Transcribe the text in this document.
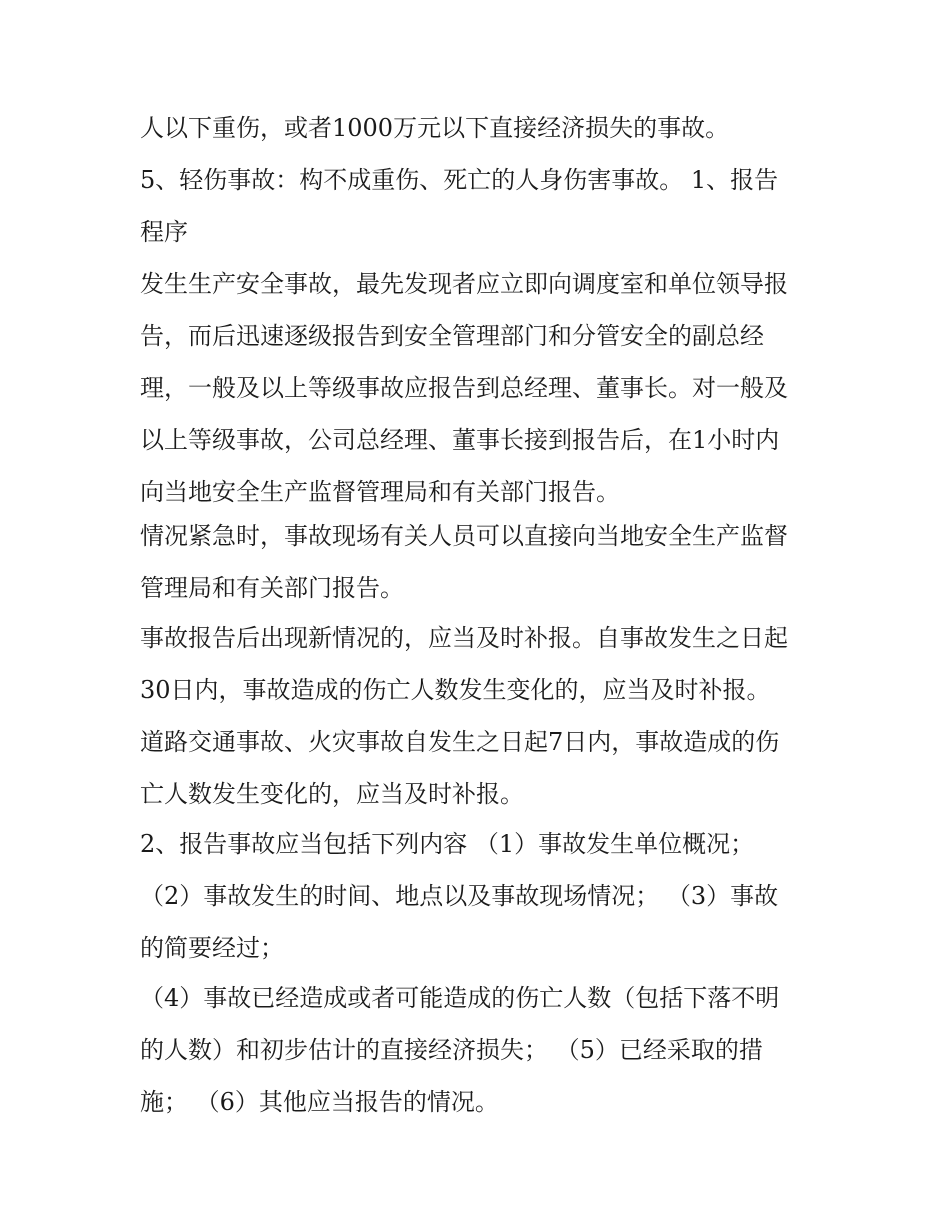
人以下重伤，或者1000万元以下直接经济损失的事故。
5、轻伤事故：构不成重伤、死亡的人身伤害事故。 1、报告
程序
发生生产安全事故，最先发现者应立即向调度室和单位领导报
告，而后迅速逐级报告到安全管理部门和分管安全的副总经
理，一般及以上等级事故应报告到总经理、董事长。对一般及
以上等级事故，公司总经理、董事长接到报告后，在1小时内
向当地安全生产监督管理局和有关部门报告。
情况紧急时，事故现场有关人员可以直接向当地安全生产监督
管理局和有关部门报告。
事故报告后出现新情况的，应当及时补报。自事故发生之日起
30日内，事故造成的伤亡人数发生变化的，应当及时补报。
道路交通事故、火灾事故自发生之日起7日内，事故造成的伤
亡人数发生变化的，应当及时补报。
2、报告事故应当包括下列内容 （1）事故发生单位概况；
（2）事故发生的时间、地点以及事故现场情况； （3）事故
的简要经过；
（4）事故已经造成或者可能造成的伤亡人数（包括下落不明
的人数）和初步估计的直接经济损失； （5）已经采取的措
施； （6）其他应当报告的情况。
